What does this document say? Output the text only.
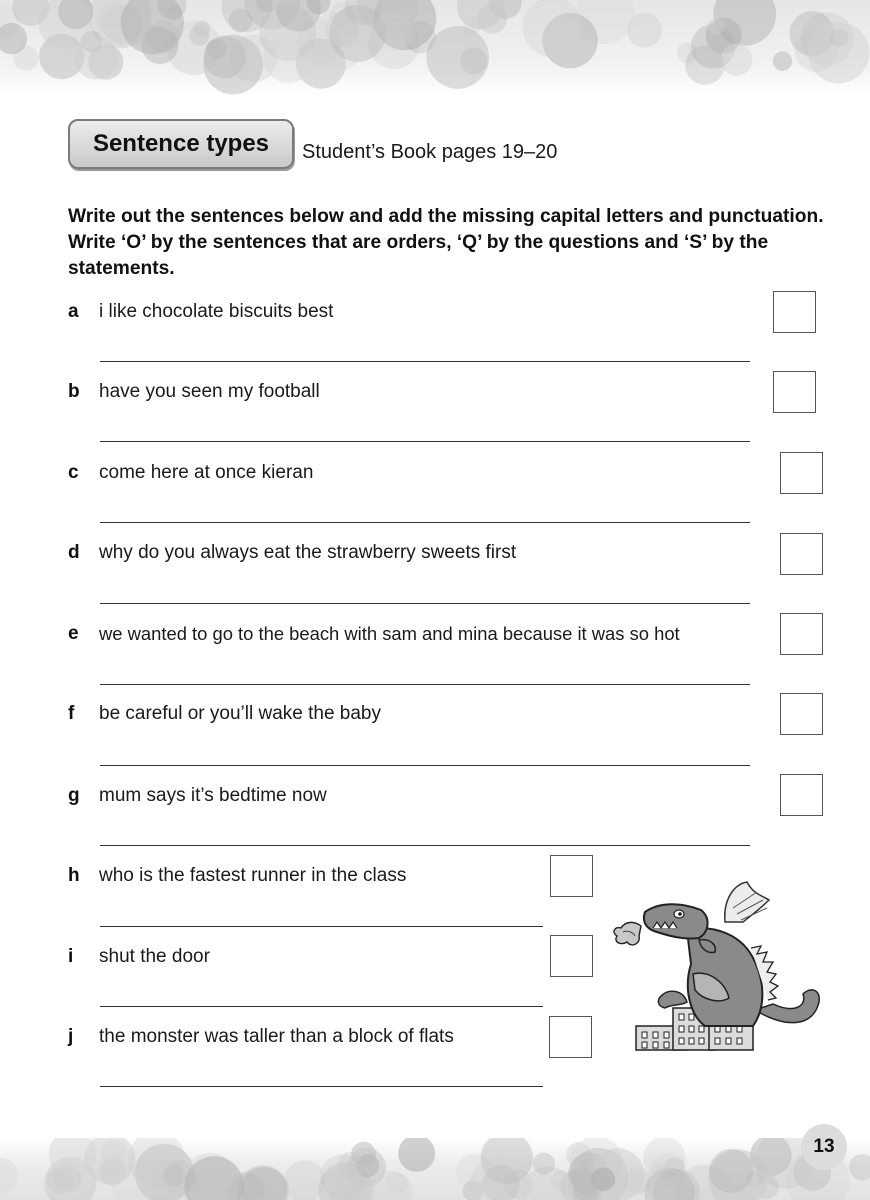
Sentence types Student’s Book pages 19–20
Write out the sentences below and add the missing capital letters and punctuation. Write ‘O’ by the sentences that are orders, ‘Q’ by the questions and ‘S’ by the statements.
a	i like chocolate biscuits best
b	have you seen my football
c	come here at once kieran
d	why do you always eat the strawberry sweets first
e	we wanted to go to the beach with sam and mina because it was so hot
f	be careful or you’ll wake the baby
g	mum says it’s bedtime now
h	who is the fastest runner in the class
i	shut the door
j	the monster was taller than a block of flats
13
